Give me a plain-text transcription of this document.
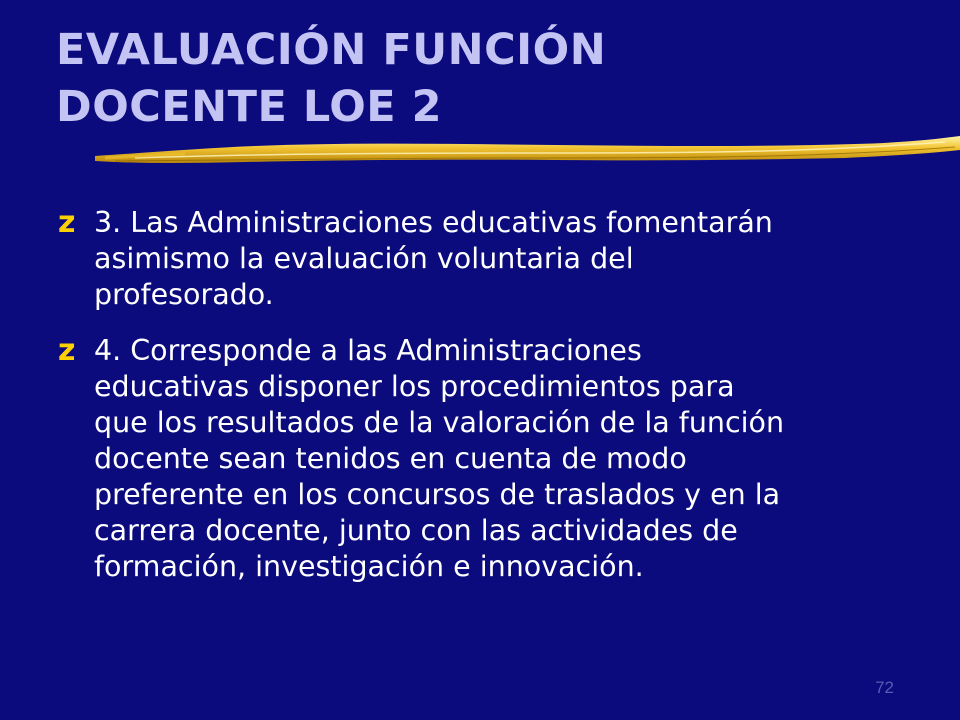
EVALUACIÓN FUNCIÓN
DOCENTE LOE 2
z 3. Las Administraciones educativas fomentarán
asimismo la evaluación voluntaria del
profesorado.

z 4. Corresponde a las Administraciones
educativas disponer los procedimientos para
que los resultados de la valoración de la función
docente sean tenidos en cuenta de modo
preferente en los concursos de traslados y en la
carrera docente, junto con las actividades de
formación, investigación e innovación.

72
